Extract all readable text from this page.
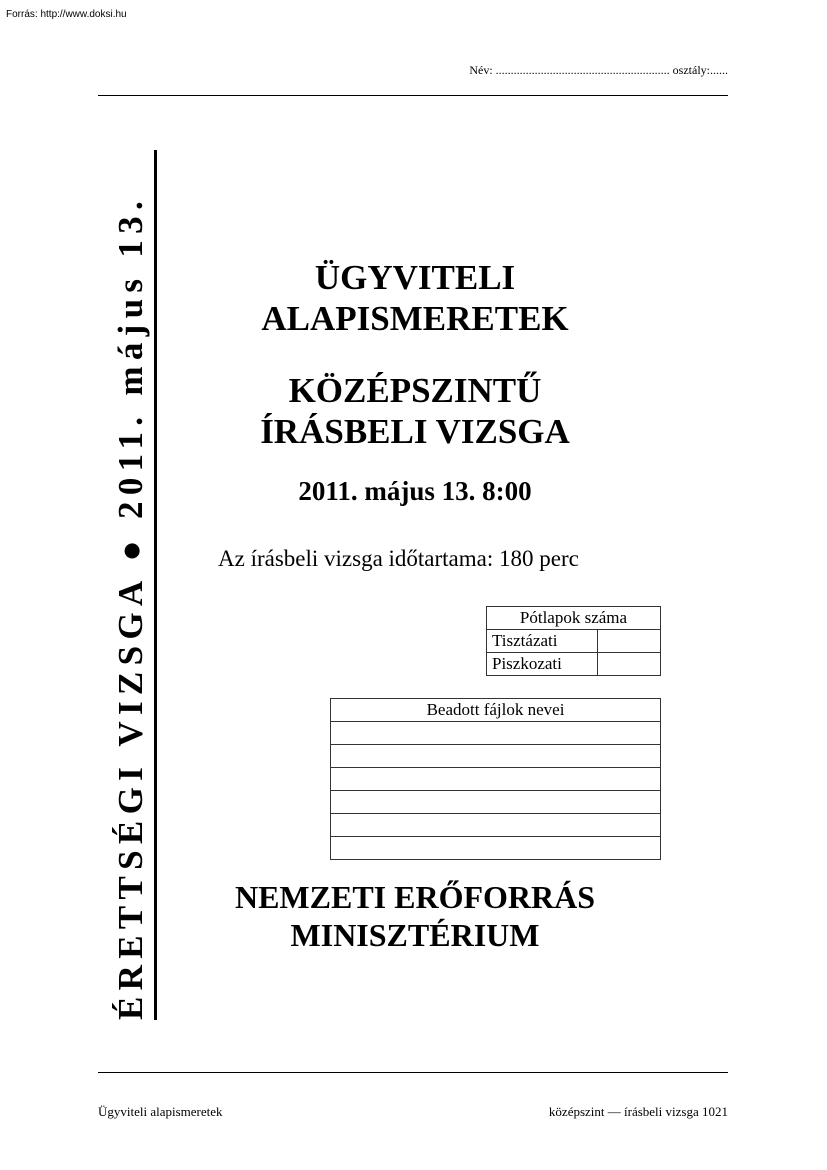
Forrás: http://www.doksi.hu
Név: .......................................................... osztály:......
ÉRETTSÉGI VIZSGA ● 2011. május 13.	ÜGYVITELI
ALAPISMERETEK
KÖZÉPSZINTŰ
ÍRÁSBELI VIZSGA
2011. május 13. 8:00
Az írásbeli vizsga időtartama: 180 perc
Pótlapok száma	
Tisztázati	
Piszkozati	
Beadott fájlok nevei

NEMZETI ERŐFORRÁS
MINISZTÉRIUM
Ügyviteli alapismeretek	középszint — írásbeli vizsga 1021
